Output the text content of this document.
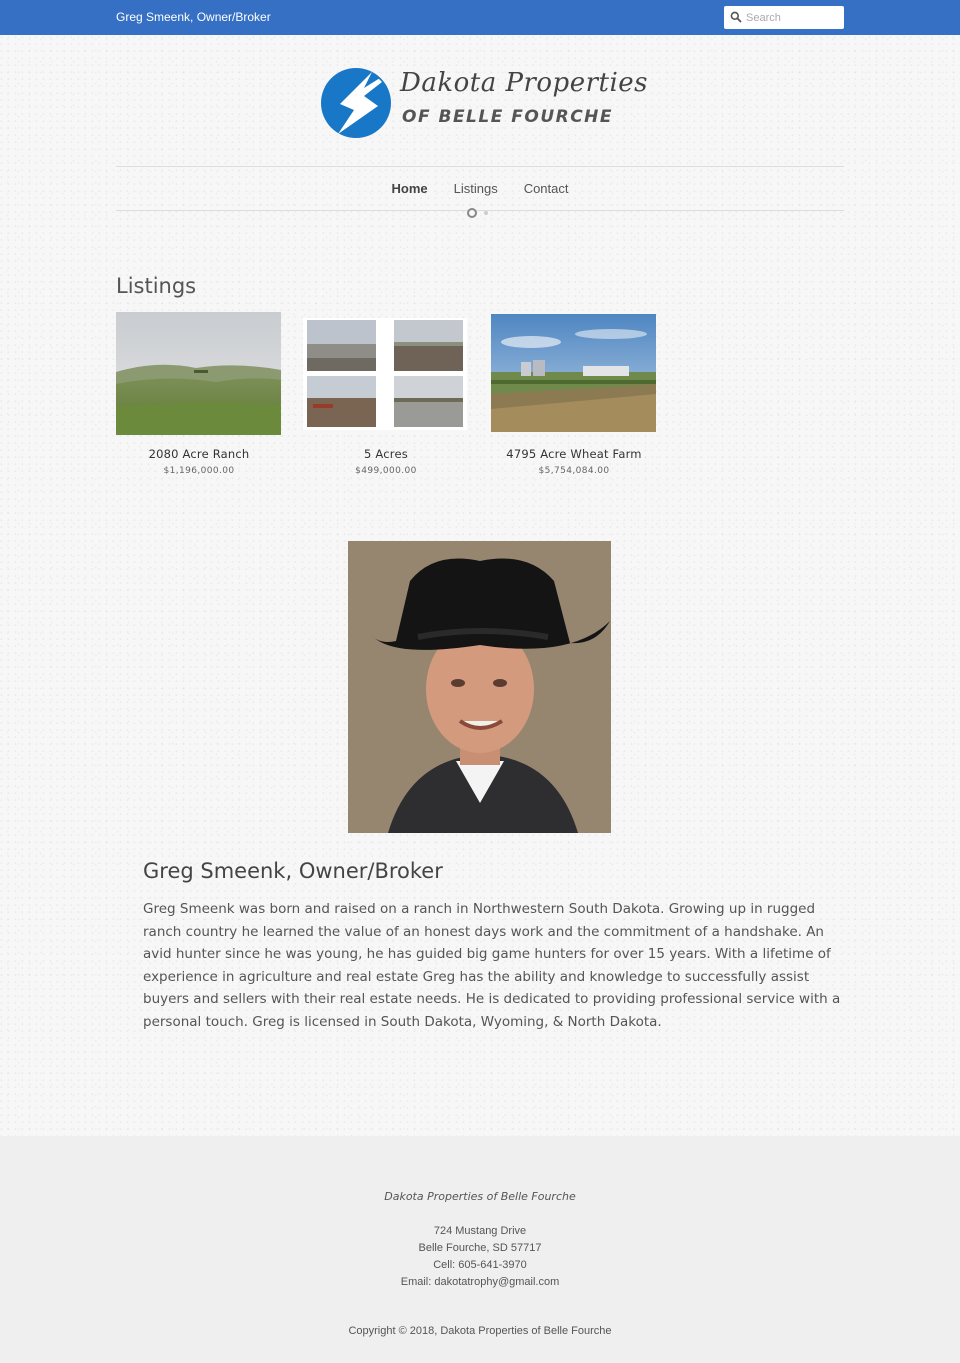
Greg Smeenk, Owner/Broker
Search
Dakota Properties
OF BELLE FOURCHE
Home Listings Contact
Listings
2080 Acre Ranch
$1,196,000.00
5 Acres
$499,000.00
4795 Acre Wheat Farm
$5,754,084.00
Greg Smeenk, Owner/Broker

Greg Smeenk was born and raised on a ranch in Northwestern South Dakota. Growing up in rugged ranch country he learned the value of an honest days work and the commitment of a handshake. An avid hunter since he was young, he has guided big game hunters for over 15 years. With a lifetime of experience in agriculture and real estate Greg has the ability and knowledge to successfully assist buyers and sellers with their real estate needs. He is dedicated to providing professional service with a personal touch. Greg is licensed in South Dakota, Wyoming, & North Dakota.

Dakota Properties of Belle Fourche
724 Mustang Drive
Belle Fourche, SD 57717
Cell: 605-641-3970
Email: dakotatrophy@gmail.com
Copyright © 2018, Dakota Properties of Belle Fourche
